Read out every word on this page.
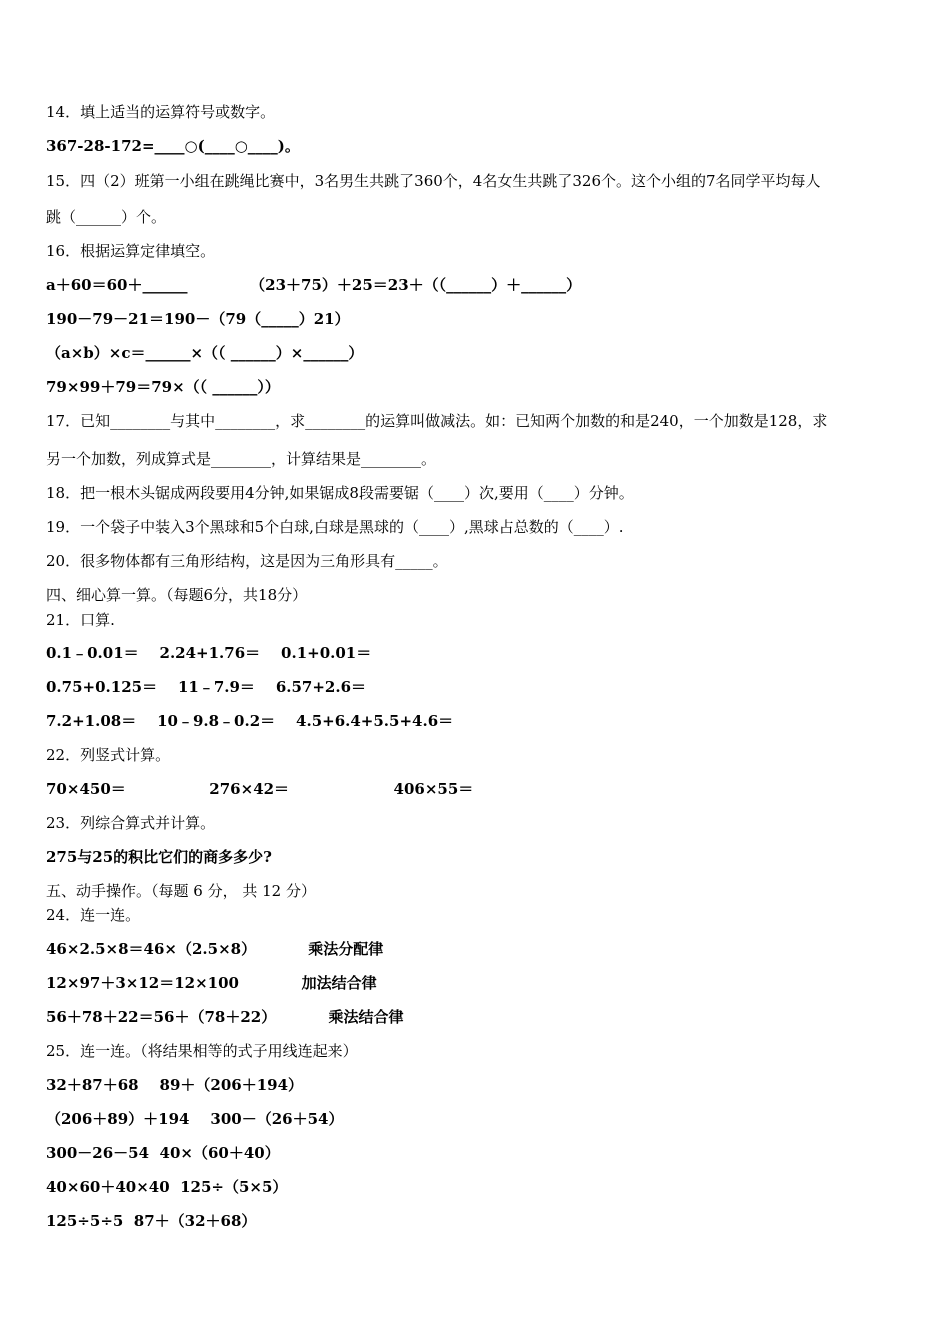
14．填上适当的运算符号或数字。
367-28-172=____○(____○____)。
15．四（2）班第一小组在跳绳比赛中，3名男生共跳了360个，4名女生共跳了326个。这个小组的7名同学平均每人
跳（______）个。
16．根据运算定律填空。
a＋60＝60＋______            （23＋75）＋25＝23＋（（______）＋______）
190－79－21＝190－（79（_____）21）
（a×b）×c＝______×（（ ______）×______）
79×99＋79＝79×（（ ______））
17．已知________与其中________，求________的运算叫做减法。如：已知两个加数的和是240，一个加数是128，求
另一个加数，列成算式是________，计算结果是________。
18．把一根木头锯成两段要用4分钟,如果锯成8段需要锯（____）次,要用（____）分钟。
19．一个袋子中装入3个黑球和5个白球,白球是黑球的（____）,黑球占总数的（____）.
20．很多物体都有三角形结构，这是因为三角形具有_____。
四、细心算一算。（每题6分，共18分）
21．口算.
0.1﹣0.01＝    2.24+1.76＝    0.1+0.01＝
0.75+0.125＝    11﹣7.9＝    6.57+2.6＝
7.2+1.08＝    10﹣9.8﹣0.2＝    4.5+6.4+5.5+4.6＝
22．列竖式计算。
70×450＝                276×42＝                    406×55＝
23．列综合算式并计算。
275与25的积比它们的商多多少?
五、动手操作。（每题 6 分， 共 12 分）
24．连一连。
46×2.5×8＝46×（2.5×8）          乘法分配律
12×97＋3×12＝12×100            加法结合律
56＋78＋22＝56＋（78＋22）          乘法结合律
25．连一连。（将结果相等的式子用线连起来）
32＋87＋68    89＋（206＋194）
（206＋89）＋194    300－（26＋54）
300－26－54  40×（60＋40）
40×60＋40×40  125÷（5×5）
125÷5÷5  87＋（32＋68）
